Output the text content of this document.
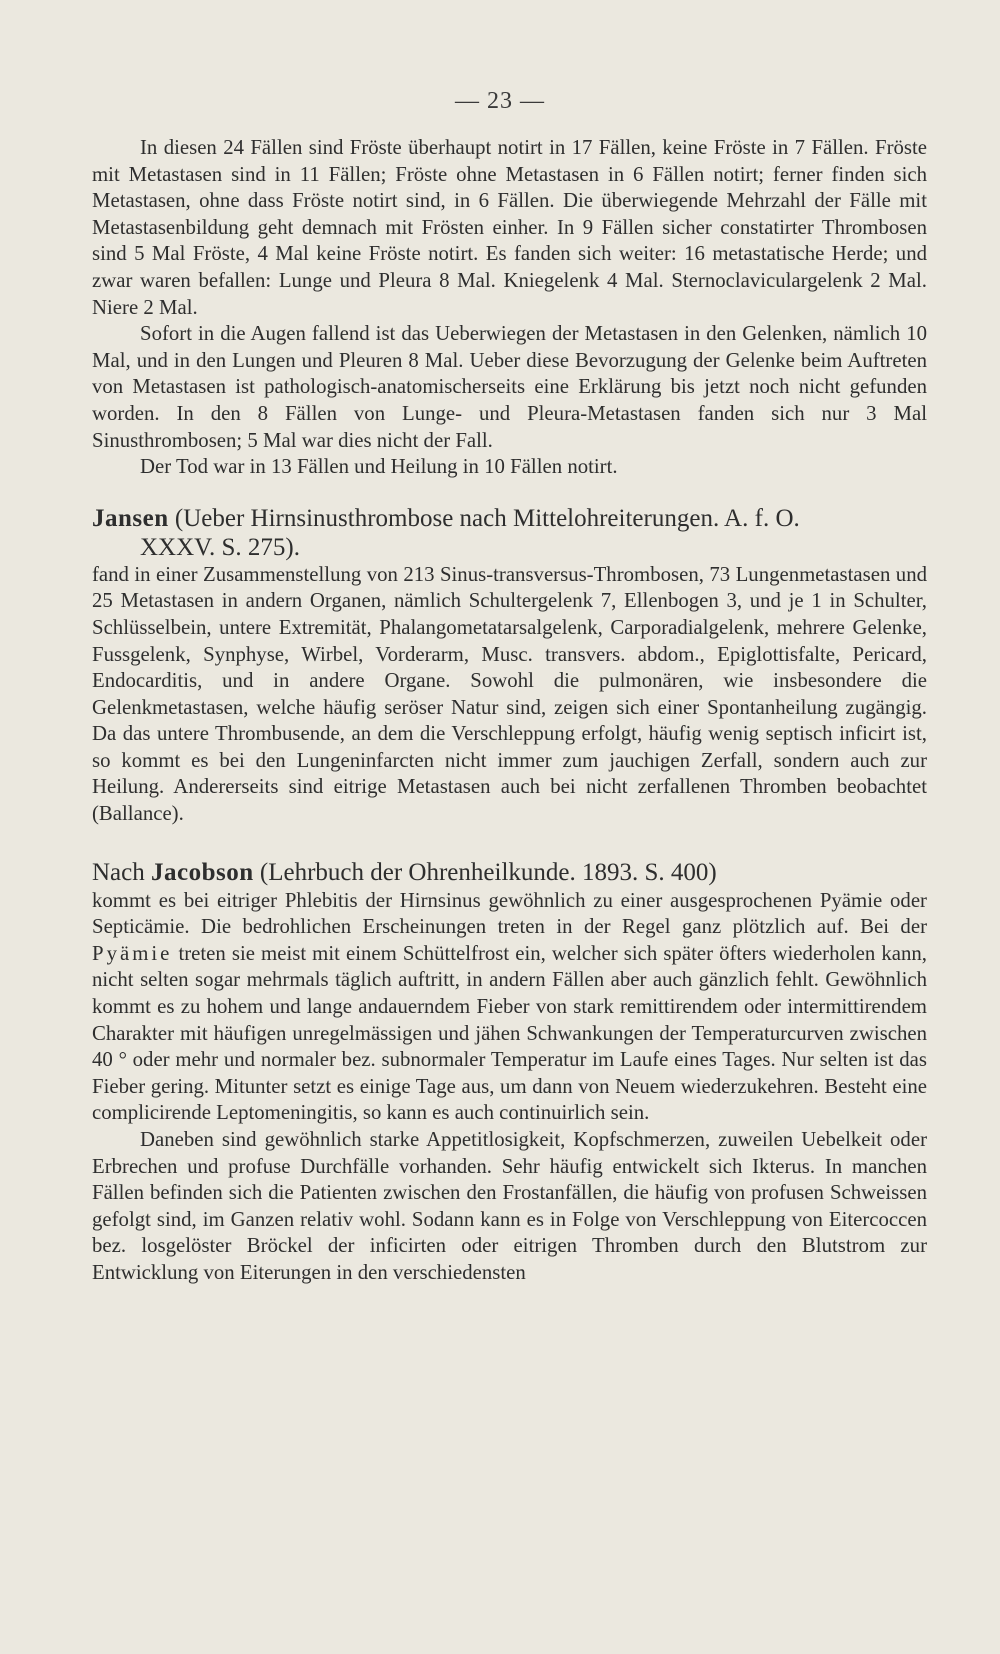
— 23 —

In diesen 24 Fällen sind Fröste überhaupt notirt in 17 Fällen, keine Fröste in 7 Fällen. Fröste mit Metastasen sind in 11 Fällen; Fröste ohne Metastasen in 6 Fällen notirt; ferner finden sich Metastasen, ohne dass Fröste notirt sind, in 6 Fällen. Die überwiegende Mehrzahl der Fälle mit Metastasenbildung geht demnach mit Frösten einher. In 9 Fällen sicher constatirter Thrombosen sind 5 Mal Fröste, 4 Mal keine Fröste notirt. Es fanden sich weiter: 16 metastatische Herde; und zwar waren befallen: Lunge und Pleura 8 Mal. Kniegelenk 4 Mal. Sternoclaviculargelenk 2 Mal. Niere 2 Mal.

Sofort in die Augen fallend ist das Ueberwiegen der Metastasen in den Gelenken, nämlich 10 Mal, und in den Lungen und Pleuren 8 Mal. Ueber diese Bevorzugung der Gelenke beim Auftreten von Metastasen ist pathologisch-anatomischerseits eine Erklärung bis jetzt noch nicht gefunden worden. In den 8 Fällen von Lunge- und Pleura-Metastasen fanden sich nur 3 Mal Sinusthrombosen; 5 Mal war dies nicht der Fall.

Der Tod war in 13 Fällen und Heilung in 10 Fällen notirt.

Jansen (Ueber Hirnsinusthrombose nach Mittelohreiterungen. A. f. O.
XXXV. S. 275).

fand in einer Zusammenstellung von 213 Sinus-transversus-Thrombosen, 73 Lungenmetastasen und 25 Metastasen in andern Organen, nämlich Schultergelenk 7, Ellenbogen 3, und je 1 in Schulter, Schlüsselbein, untere Extremität, Phalangometatarsalgelenk, Carporadialgelenk, mehrere Gelenke, Fussgelenk, Synphyse, Wirbel, Vorderarm, Musc. transvers. abdom., Epiglottisfalte, Pericard, Endocarditis, und in andere Organe. Sowohl die pulmonären, wie insbesondere die Gelenkmetastasen, welche häufig seröser Natur sind, zeigen sich einer Spontanheilung zugängig. Da das untere Thrombusende, an dem die Verschleppung erfolgt, häufig wenig septisch inficirt ist, so kommt es bei den Lungeninfarcten nicht immer zum jauchigen Zerfall, sondern auch zur Heilung. Andererseits sind eitrige Metastasen auch bei nicht zerfallenen Thromben beobachtet (Ballance).

Nach Jacobson (Lehrbuch der Ohrenheilkunde. 1893. S. 400)

kommt es bei eitriger Phlebitis der Hirnsinus gewöhnlich zu einer ausgesprochenen Pyämie oder Septicämie. Die bedrohlichen Erscheinungen treten in der Regel ganz plötzlich auf. Bei der Pyämie treten sie meist mit einem Schüttelfrost ein, welcher sich später öfters wiederholen kann, nicht selten sogar mehrmals täglich auftritt, in andern Fällen aber auch gänzlich fehlt. Gewöhnlich kommt es zu hohem und lange andauerndem Fieber von stark remittirendem oder intermittirendem Charakter mit häufigen unregelmässigen und jähen Schwankungen der Temperaturcurven zwischen 40 ° oder mehr und normaler bez. subnormaler Temperatur im Laufe eines Tages. Nur selten ist das Fieber gering. Mitunter setzt es einige Tage aus, um dann von Neuem wiederzukehren. Besteht eine complicirende Leptomeningitis, so kann es auch continuirlich sein.

Daneben sind gewöhnlich starke Appetitlosigkeit, Kopfschmerzen, zuweilen Uebelkeit oder Erbrechen und profuse Durchfälle vorhanden. Sehr häufig entwickelt sich Ikterus. In manchen Fällen befinden sich die Patienten zwischen den Frostanfällen, die häufig von profusen Schweissen gefolgt sind, im Ganzen relativ wohl. Sodann kann es in Folge von Verschleppung von Eitercoccen bez. losgelöster Bröckel der inficirten oder eitrigen Thromben durch den Blutstrom zur Entwicklung von Eiterungen in den verschiedensten
